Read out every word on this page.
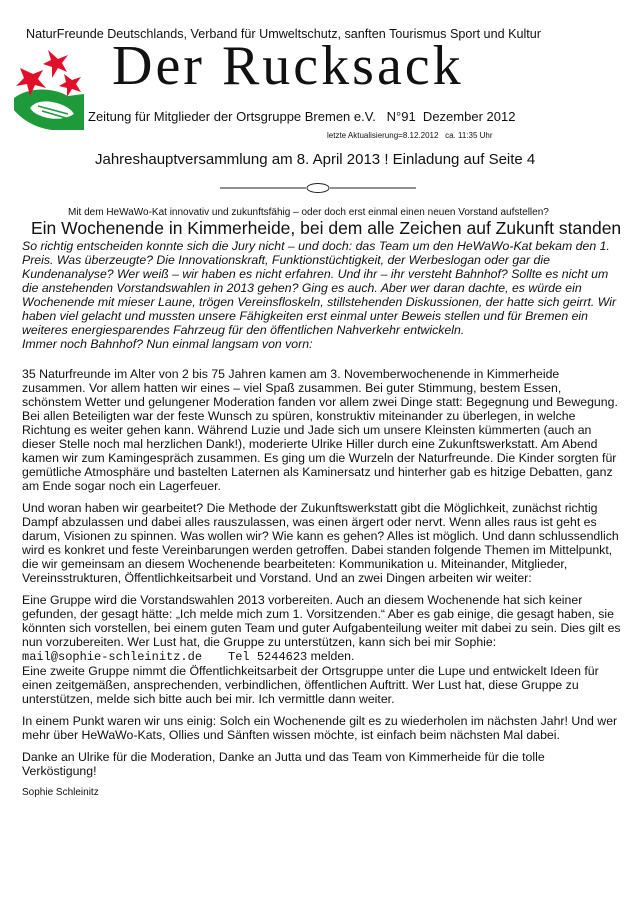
NaturFreunde Deutschlands, Verband für Umweltschutz, sanften Tourismus Sport und Kultur
Der Rucksack
Zeitung für Mitglieder der Ortsgruppe Bremen e.V.   N°91  Dezember 2012
letzte Aktualisierung=8.12.2012   ca. 11:35 Uhr
Jahreshauptversammlung am 8. April 2013 ! Einladung auf Seite 4
Mit dem HeWaWo-Kat innovativ und zukunftsfähig – oder doch erst einmal einen neuen Vorstand aufstellen?
Ein Wochenende in Kimmerheide, bei dem alle Zeichen auf Zukunft standen

So richtig entscheiden konnte sich die Jury nicht – und doch: das Team um den HeWaWo-Kat bekam den 1. Preis. Was überzeugte? Die Innovationskraft, Funktionstüchtigkeit, der Werbeslogan oder gar die Kundenanalyse? Wer weiß – wir haben es nicht erfahren. Und ihr – ihr versteht Bahnhof? Sollte es nicht um die anstehenden Vorstandswahlen in 2013 gehen? Ging es auch. Aber wer daran dachte, es würde ein Wochenende mit mieser Laune, trögen Vereinsfloskeln, stillstehenden Diskussionen, der hatte sich geirrt. Wir haben viel gelacht und mussten unsere Fähigkeiten erst einmal unter Beweis stellen und für Bremen ein weiteres energiesparendes Fahrzeug für den öffentlichen Nahverkehr entwickeln.
Immer noch Bahnhof? Nun einmal langsam von vorn:

35 Naturfreunde im Alter von 2 bis 75 Jahren kamen am 3. Novemberwochenende in Kimmerheide zusammen. Vor allem hatten wir eines – viel Spaß zusammen. Bei guter Stimmung, bestem Essen, schönstem Wetter und gelungener Moderation fanden vor allem zwei Dinge statt: Begegnung und Bewegung. Bei allen Beteiligten war der feste Wunsch zu spüren, konstruktiv miteinander zu überlegen, in welche Richtung es weiter gehen kann. Während Luzie und Jade sich um unsere Kleinsten kümmerten (auch an dieser Stelle noch mal herzlichen Dank!), moderierte Ulrike Hiller durch eine Zukunftswerkstatt. Am Abend kamen wir zum Kamingespräch zusammen. Es ging um die Wurzeln der Naturfreunde. Die Kinder sorgten für gemütliche Atmosphäre und bastelten Laternen als Kaminersatz und hinterher gab es hitzige Debatten, ganz am Ende sogar noch ein Lagerfeuer.

Und woran haben wir gearbeitet? Die Methode der Zukunftswerkstatt gibt die Möglichkeit, zunächst richtig Dampf abzulassen und dabei alles rauszulassen, was einen ärgert oder nervt. Wenn alles raus ist geht es darum, Visionen zu spinnen. Was wollen wir? Wie kann es gehen? Alles ist möglich. Und dann schlussendlich wird es konkret und feste Vereinbarungen werden getroffen. Dabei standen folgende Themen im Mittelpunkt, die wir gemeinsam an diesem Wochenende bearbeiteten: Kommunikation u. Miteinander, Mitglieder, Vereinsstrukturen, Öffentlichkeitsarbeit und Vorstand. Und an zwei Dingen arbeiten wir weiter:

Eine Gruppe wird die Vorstandswahlen 2013 vorbereiten. Auch an diesem Wochenende hat sich keiner gefunden, der gesagt hätte: „Ich melde mich zum 1. Vorsitzenden.“ Aber es gab einige, die gesagt haben, sie könnten sich vorstellen, bei einem guten Team und guter Aufgabenteilung weiter mit dabei zu sein. Dies gilt es nun vorzubereiten. Wer Lust hat, die Gruppe zu unterstützen, kann sich bei mir Sophie:
mail@sophie-schleinitz.de Tel 5244623 melden.

Eine zweite Gruppe nimmt die Öffentlichkeitsarbeit der Ortsgruppe unter die Lupe und entwickelt Ideen für einen zeitgemäßen, ansprechenden, verbindlichen, öffentlichen Auftritt. Wer Lust hat, diese Gruppe zu unterstützen, melde sich bitte auch bei mir. Ich vermittle dann weiter.

In einem Punkt waren wir uns einig: Solch ein Wochenende gilt es zu wiederholen im nächsten Jahr! Und wer mehr über HeWaWo-Kats, Ollies und Sänften wissen möchte, ist einfach beim nächsten Mal dabei.

Danke an Ulrike für die Moderation, Danke an Jutta und das Team von Kimmerheide für die tolle Verköstigung!

Sophie Schleinitz
